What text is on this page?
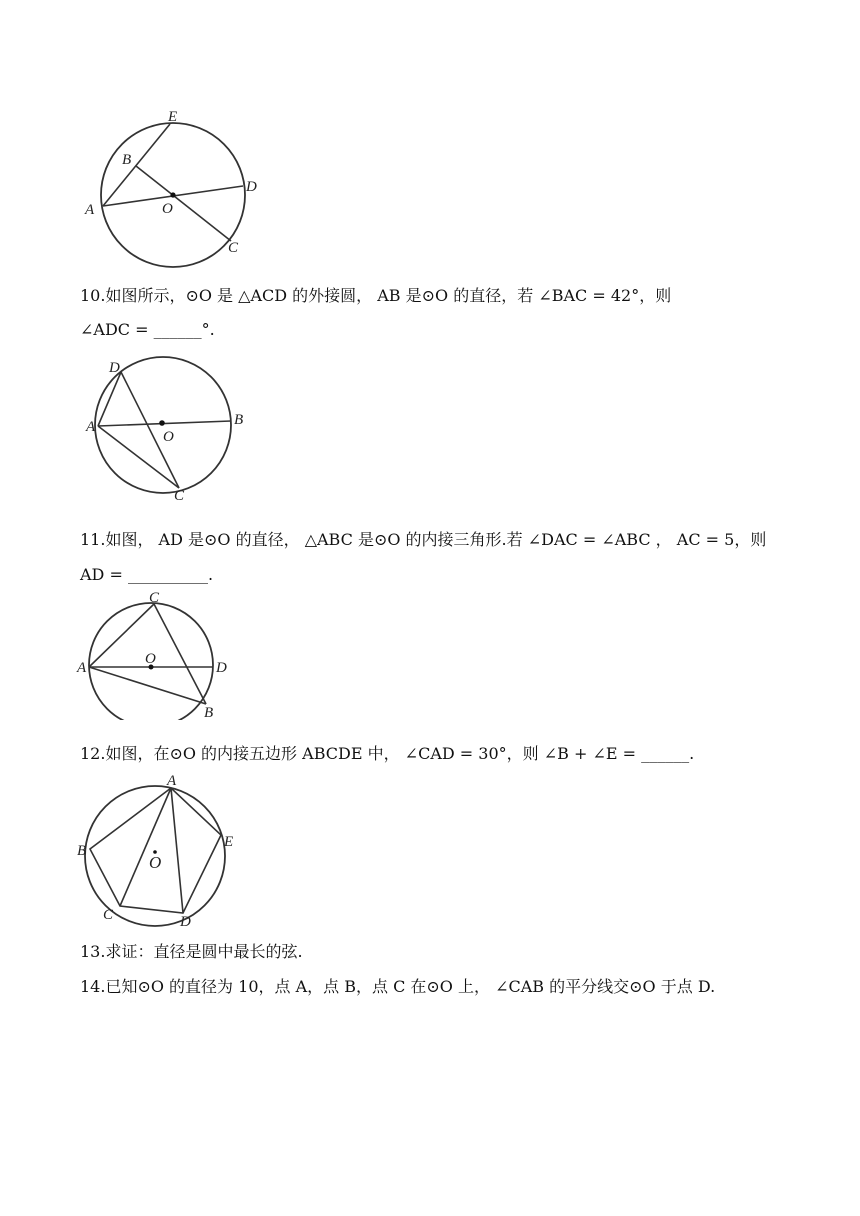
E
B
D
A	O
C
10.如图所示，⊙O 是 △ACD 的外接圆， AB 是⊙O 的直径，若 ∠BAC = 42°，则
∠ADC = ______°.
D
A	B
O
C
11.如图， AD 是⊙O 的直径， △ABC 是⊙O 的内接三角形.若 ∠DAC = ∠ABC ， AC = 5，则
AD = __________.
C
A
O
D
B
12.如图，在⊙O 的内接五边形 ABCDE 中， ∠CAD = 30°，则 ∠B + ∠E = ______.
A
B
O
E
C	D
13.求证：直径是圆中最长的弦.
14.已知⊙O 的直径为 10，点 A，点 B，点 C 在⊙O 上， ∠CAB 的平分线交⊙O 于点 D.
